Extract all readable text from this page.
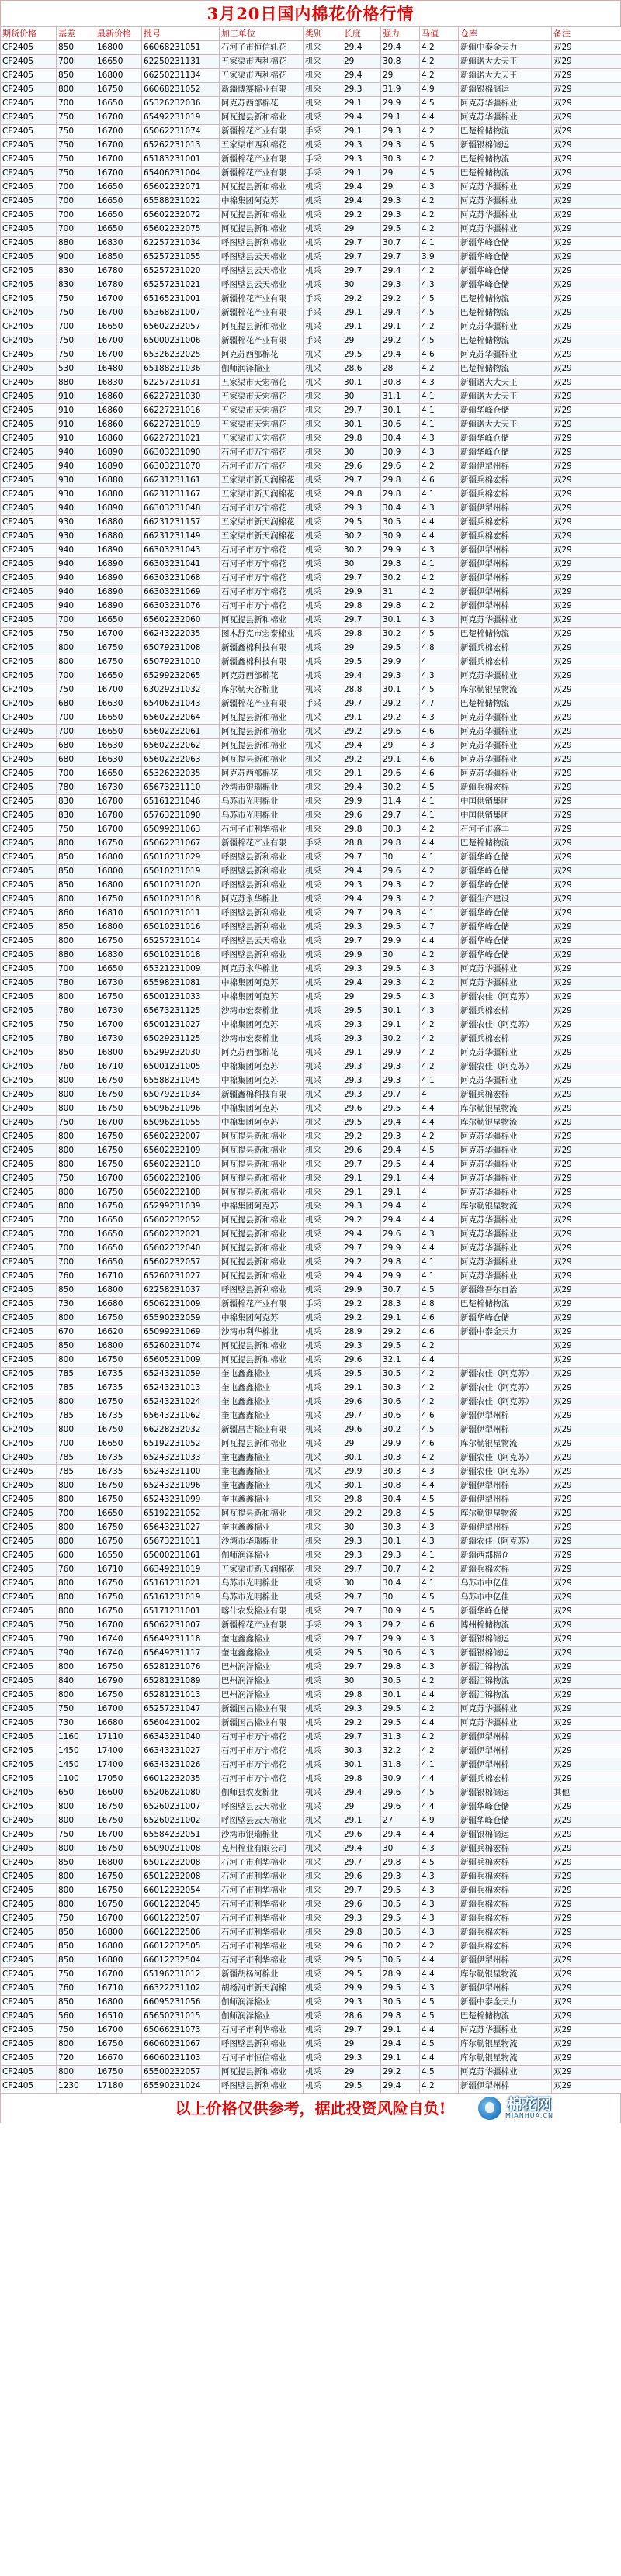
3月20日国内棉花价格行情
期货价格	基差	最新价格	批号	加工单位	类别	长度	强力	马值	仓库	备注
CF2405	850	16800	66068231051	石河子市恒信轧花	机采	29.4	29.4	4.2	新疆中泰金天力	双29
CF2405	700	16650	62250231131	五家渠市西利棉花	机采	29	30.8	4.2	新疆诺大大天王	双29
CF2405	850	16800	66250231134	五家渠市西利棉花	机采	29.4	29	4.2	新疆诺大大天王	双29
CF2405	800	16750	66068231052	新疆博赛棉业有限	机采	29.3	31.9	4.9	新疆银棉储运	双29
CF2405	700	16650	65326232036	阿克苏西部棉花	机采	29.1	29.9	4.5	阿克苏华疆棉业	双29
CF2405	750	16700	65492231019	阿瓦提县新和棉业	机采	29.4	29.1	4.4	阿克苏华疆棉业	双29
CF2405	750	16700	65062231074	新疆棉花产业有限	手采	29.1	29.3	4.2	巴楚棉储物流	双29
CF2405	750	16700	65262231013	五家渠市西利棉花	机采	29.3	29.3	4.5	新疆银棉储运	双29
CF2405	750	16700	65183231001	新疆棉花产业有限	手采	29.3	30.3	4.2	巴楚棉储物流	双29
CF2405	750	16700	65406231004	新疆棉花产业有限	手采	29.1	29	4.5	巴楚棉储物流	双29
CF2405	700	16650	65602232071	阿瓦提县新和棉业	机采	29.4	29	4.3	阿克苏华疆棉业	双29
CF2405	700	16650	65588231022	中棉集团阿克苏	机采	29.4	29.3	4.2	阿克苏华疆棉业	双29
CF2405	700	16650	65602232072	阿瓦提县新和棉业	机采	29.2	29.3	4.2	阿克苏华疆棉业	双29
CF2405	700	16650	65602232075	阿瓦提县新和棉业	机采	29	29.5	4.2	阿克苏华疆棉业	双29
CF2405	880	16830	62257231034	呼图壁县新利棉业	机采	29.7	30.7	4.1	新疆华峰仓储	双29
CF2405	900	16850	65257231055	呼图壁县云天棉业	机采	29.7	29.7	3.9	新疆华峰仓储	双29
CF2405	830	16780	65257231020	呼图壁县云天棉业	机采	29.7	29.4	4.2	新疆华峰仓储	双29
CF2405	830	16780	65257231021	呼图壁县云天棉业	机采	30	29.3	4.3	新疆华峰仓储	双29
CF2405	750	16700	65165231001	新疆棉花产业有限	手采	29.2	29.2	4.5	巴楚棉储物流	双29
CF2405	750	16700	65368231007	新疆棉花产业有限	手采	29.1	29.4	4.5	巴楚棉储物流	双29
CF2405	700	16650	65602232057	阿瓦提县新和棉业	机采	29.1	29.1	4.2	阿克苏华疆棉业	双29
CF2405	750	16700	65000231006	新疆棉花产业有限	手采	29	29.2	4.5	巴楚棉储物流	双29
CF2405	750	16700	65326232025	阿克苏西部棉花	机采	29.5	29.4	4.6	阿克苏华疆棉业	双29
CF2405	530	16480	65188231036	伽师润泽棉业	机采	28.6	28	4.2	巴楚棉储物流	双29
CF2405	880	16830	62257231031	五家渠市天宏棉花	机采	30.1	30.8	4.3	新疆诺大大天王	双29
CF2405	910	16860	66227231030	五家渠市天宏棉花	机采	30	31.1	4.1	新疆诺大大天王	双29
CF2405	910	16860	66227231016	五家渠市天宏棉花	机采	29.7	30.1	4.1	新疆华峰仓储	双29
CF2405	910	16860	66227231019	五家渠市天宏棉花	机采	30.1	30.6	4.1	新疆诺大大天王	双29
CF2405	910	16860	66227231021	五家渠市天宏棉花	机采	29.8	30.4	4.3	新疆华峰仓储	双29
CF2405	940	16890	66303231090	石河子市万宁棉花	机采	30	30.9	4.3	新疆华峰仓储	双29
CF2405	940	16890	66303231070	石河子市万宁棉花	机采	29.6	29.6	4.2	新疆伊犁州棉	双29
CF2405	930	16880	66231231161	五家渠市新天润棉花	机采	29.7	29.8	4.6	新疆兵棉宏棉	双29
CF2405	930	16880	66231231167	五家渠市新天润棉花	机采	29.8	29.8	4.1	新疆兵棉宏棉	双29
CF2405	940	16890	66303231048	石河子市万宁棉花	机采	29.3	30.4	4.3	新疆伊犁州棉	双29
CF2405	930	16880	66231231157	五家渠市新天润棉花	机采	29.5	30.5	4.4	新疆兵棉宏棉	双29
CF2405	930	16880	66231231149	五家渠市新天润棉花	机采	30.2	30.9	4.4	新疆兵棉宏棉	双29
CF2405	940	16890	66303231043	石河子市万宁棉花	机采	30.2	29.9	4.3	新疆伊犁州棉	双29
CF2405	940	16890	66303231041	石河子市万宁棉花	机采	30	29.8	4.1	新疆伊犁州棉	双29
CF2405	940	16890	66303231068	石河子市万宁棉花	机采	29.7	30.2	4.2	新疆伊犁州棉	双29
CF2405	940	16890	66303231069	石河子市万宁棉花	机采	29.9	31	4.2	新疆伊犁州棉	双29
CF2405	940	16890	66303231076	石河子市万宁棉花	机采	29.8	29.8	4.2	新疆伊犁州棉	双29
CF2405	700	16650	65602232060	阿瓦提县新和棉业	机采	29.7	30.1	4.3	阿克苏华疆棉业	双29
CF2405	750	16700	66243222035	图木舒克市宏泰棉业	机采	29.8	30.2	4.5	巴楚棉储物流	双29
CF2405	800	16750	65079231008	新疆鑫棉科技有限	机采	29	29.5	4.8	新疆兵棉宏棉	双29
CF2405	800	16750	65079231010	新疆鑫棉科技有限	机采	29.5	29.9	4	新疆兵棉宏棉	双29
CF2405	700	16650	65299232065	阿克苏西部棉花	机采	29.4	29.3	4.3	阿克苏华疆棉业	双29
CF2405	750	16700	63029231032	库尔勒天谷棉业	机采	28.8	30.1	4.5	库尔勒银星物流	双29
CF2405	680	16630	65406231043	新疆棉花产业有限	手采	29.7	29.2	4.7	巴楚棉储物流	双29
CF2405	700	16650	65602232064	阿瓦提县新和棉业	机采	29.1	29.2	4.3	阿克苏华疆棉业	双29
CF2405	700	16650	65602232061	阿瓦提县新和棉业	机采	29.2	29.6	4.6	阿克苏华疆棉业	双29
CF2405	680	16630	65602232062	阿瓦提县新和棉业	机采	29.4	29	4.3	阿克苏华疆棉业	双29
CF2405	680	16630	65602232063	阿瓦提县新和棉业	机采	29.2	29.1	4.6	阿克苏华疆棉业	双29
CF2405	700	16650	65326232035	阿克苏西部棉花	机采	29.1	29.6	4.6	阿克苏华疆棉业	双29
CF2405	780	16730	65673231110	沙湾市银瑞棉业	机采	29.4	30.2	4.5	新疆兵棉宏棉	双29
CF2405	830	16780	65161231046	乌苏市光明棉业	机采	29.9	31.4	4.1	中国供销集团	双29
CF2405	830	16780	65763231090	乌苏市光明棉业	机采	29.6	29.7	4.1	中国供销集团	双29
CF2405	750	16700	65099231063	石河子市利华棉业	机采	29.8	30.3	4.2	石河子市盛丰	双29
CF2405	800	16750	65062231067	新疆棉花产业有限	手采	28.8	29.8	4.4	巴楚棉储物流	双29
CF2405	850	16800	65010231029	呼图壁县新利棉业	机采	29.7	30	4.1	新疆华峰仓储	双29
CF2405	850	16800	65010231019	呼图壁县新利棉业	机采	29.4	29.6	4.2	新疆华峰仓储	双29
CF2405	850	16800	65010231020	呼图壁县新利棉业	机采	29.3	29.3	4.2	新疆华峰仓储	双29
CF2405	800	16750	65010231018	阿克苏永华棉业	机采	29.4	29.3	4.2	新疆生产建设	双29
CF2405	860	16810	65010231011	呼图壁县新利棉业	机采	29.7	29.8	4.1	新疆华峰仓储	双29
CF2405	850	16800	65010231016	呼图壁县新利棉业	机采	29.3	29.5	4.7	新疆华峰仓储	双29
CF2405	800	16750	65257231014	呼图壁县云天棉业	机采	29.7	29.9	4.4	新疆华峰仓储	双29
CF2405	880	16830	65010231018	呼图壁县新利棉业	机采	29.9	30	4.2	新疆华峰仓储	双29
CF2405	700	16650	65321231009	阿克苏永华棉业	机采	29.3	29.5	4.3	阿克苏华疆棉业	双29
CF2405	780	16730	65598231081	中棉集团阿克苏	机采	29.4	29.3	4.2	阿克苏华疆棉业	双29
CF2405	800	16750	65001231033	中棉集团阿克苏	机采	29	29.5	4.3	新疆农佳（阿克苏）	双29
CF2405	780	16730	65673231125	沙湾市宏泰棉业	机采	29.5	30.1	4.3	新疆兵棉宏棉	双29
CF2405	750	16700	65001231027	中棉集团阿克苏	机采	29.3	29.1	4.2	新疆农佳（阿克苏）	双29
CF2405	780	16730	65029231125	沙湾市宏泰棉业	机采	29.3	30.2	4.2	新疆兵棉宏棉	双29
CF2405	850	16800	65299232030	阿克苏西部棉花	机采	29.1	29.9	4.2	阿克苏华疆棉业	双29
CF2405	760	16710	65001231005	中棉集团阿克苏	机采	29.3	29.3	4.2	新疆农佳（阿克苏）	双29
CF2405	800	16750	65588231045	中棉集团阿克苏	机采	29.3	29.3	4.1	阿克苏华疆棉业	双29
CF2405	800	16750	65079231034	新疆鑫棉科技有限	机采	29.3	29.7	4	新疆兵棉宏棉	双29
CF2405	800	16750	65096231096	中棉集团阿克苏	机采	29.6	29.5	4.4	库尔勒银星物流	双29
CF2405	750	16700	65096231055	中棉集团阿克苏	机采	29.5	29.4	4.4	库尔勒银星物流	双29
CF2405	800	16750	65602232007	阿瓦提县新和棉业	机采	29.2	29.3	4.2	阿克苏华疆棉业	双29
CF2405	800	16750	65602232109	阿瓦提县新和棉业	机采	29.6	29.4	4.5	阿克苏华疆棉业	双29
CF2405	800	16750	65602232110	阿瓦提县新和棉业	机采	29.7	29.5	4.4	阿克苏华疆棉业	双29
CF2405	750	16700	65602232106	阿瓦提县新和棉业	机采	29.1	29.1	4.4	阿克苏华疆棉业	双29
CF2405	800	16750	65602232108	阿瓦提县新和棉业	机采	29.1	29.1	4	阿克苏华疆棉业	双29
CF2405	800	16750	65299231039	中棉集团阿克苏	机采	29.3	29.4	4	库尔勒银星物流	双29
CF2405	700	16650	65602232052	阿瓦提县新和棉业	机采	29.2	29.4	4.4	阿克苏华疆棉业	双29
CF2405	700	16650	65602232021	阿瓦提县新和棉业	机采	29.4	29.6	4.3	阿克苏华疆棉业	双29
CF2405	700	16650	65602232040	阿瓦提县新和棉业	机采	29.7	29.9	4.4	阿克苏华疆棉业	双29
CF2405	700	16650	65602232057	阿瓦提县新和棉业	机采	29.2	29.8	4.1	阿克苏华疆棉业	双29
CF2405	760	16710	65260231027	阿瓦提县新和棉业	机采	29.4	29.9	4.1	阿克苏华疆棉业	双29
CF2405	850	16800	62258231037	呼图壁县新利棉业	机采	29.9	30.7	4.5	新疆维吾尔自治	双29
CF2405	730	16680	65062231009	新疆棉花产业有限	手采	29.2	28.3	4.8	巴楚棉储物流	双29
CF2405	800	16750	65590232059	中棉集团阿克苏	机采	29.2	29.1	4.6	新疆华峰仓储	双29
CF2405	670	16620	65099231069	沙湾市利华棉业	机采	28.9	29.2	4.6	新疆中泰金天力	双29
CF2405	850	16800	65260231074	阿瓦提县新和棉业	机采	29.3	29.5	4.2		双29
CF2405	800	16750	65605231009	阿瓦提县新和棉业	机采	29.6	32.1	4.4		双29
CF2405	785	16735	65243231059	奎屯鑫鑫棉业	机采	29.5	30.5	4.2	新疆农佳（阿克苏）	双29
CF2405	785	16735	65243231013	奎屯鑫鑫棉业	机采	29.1	30.3	4.2	新疆农佳（阿克苏）	双29
CF2405	800	16750	65243231024	奎屯鑫鑫棉业	机采	29.6	30.6	4.2	新疆农佳（阿克苏）	双29
CF2405	785	16735	65643231062	奎屯鑫鑫棉业	机采	29.7	30.6	4.6	新疆伊犁州棉	双29
CF2405	800	16750	66228232032	新疆昌吉棉业有限	机采	29.6	30.2	4.5	新疆伊犁州棉	双29
CF2405	700	16650	65192231052	阿瓦提县新和棉业	机采	29	29.9	4.6	库尔勒银星物流	双29
CF2405	785	16735	65243231033	奎屯鑫鑫棉业	机采	30.1	30.3	4.2	新疆农佳（阿克苏）	双29
CF2405	785	16735	65243231100	奎屯鑫鑫棉业	机采	29.9	30.3	4.3	新疆农佳（阿克苏）	双29
CF2405	800	16750	65243231096	奎屯鑫鑫棉业	机采	30.1	30.8	4.4	新疆伊犁州棉	双29
CF2405	800	16750	65243231099	奎屯鑫鑫棉业	机采	29.8	30.4	4.5	新疆伊犁州棉	双29
CF2405	700	16650	65192231052	阿瓦提县新和棉业	机采	29.2	29.8	4.5	库尔勒银星物流	双29
CF2405	800	16750	65643231027	奎屯鑫鑫棉业	机采	30	30.3	4.3	新疆伊犁州棉	双29
CF2405	800	16750	65673231011	沙湾市华瑞棉业	机采	29.3	30.1	4.3	新疆农佳（阿克苏）	双29
CF2405	600	16550	65000231061	伽师润泽棉业	机采	29.3	29.3	4.1	新疆西部棉仓	双29
CF2405	760	16710	66349231019	五家渠市新天润棉花	机采	29.7	30.7	4.2	新疆兵棉宏棉	双29
CF2405	800	16750	65161231021	乌苏市光明棉业	机采	30	30.4	4.1	乌苏市中亿佳	双29
CF2405	800	16750	65161231019	乌苏市光明棉业	机采	29.7	30	4.5	乌苏市中亿佳	双29
CF2405	800	16750	65171231001	喀什农发棉业有限	机采	29.7	30.9	4.5	新疆华峰仓储	双29
CF2405	750	16700	65062231007	新疆棉花产业有限	手采	29.3	29.2	4.6	博州棉储物流	双29
CF2405	790	16740	65649231118	奎屯鑫鑫棉业	机采	29.7	29.9	4.3	新疆银棉储运	双29
CF2405	790	16740	65649231117	奎屯鑫鑫棉业	机采	29.5	30.6	4.3	新疆银棉储运	双29
CF2405	800	16750	65281231076	巴州润泽棉业	机采	29.7	29.8	4.3	新疆汇锦物流	双29
CF2405	840	16790	65281231089	巴州润泽棉业	机采	30	30.5	4.2	新疆汇锦物流	双29
CF2405	800	16750	65281231013	巴州润泽棉业	机采	29.8	30.1	4.4	新疆汇锦物流	双29
CF2405	750	16700	65257231047	新疆国昌棉业有限	机采	29.3	29.5	4.2	阿克苏华疆棉业	双29
CF2405	730	16680	65604231002	新疆国昌棉业有限	机采	29.2	29.5	4.4	阿克苏华疆棉业	双29
CF2405	1160	17110	66343231040	石河子市万宁棉花	机采	29.7	31.3	4.2	新疆伊犁州棉	双29
CF2405	1450	17400	66343231027	石河子市万宁棉花	机采	30.3	32.2	4.2	新疆伊犁州棉	双29
CF2405	1450	17400	66343231026	石河子市万宁棉花	机采	30.1	31.8	4.1	新疆伊犁州棉	双29
CF2405	1100	17050	66012232035	石河子市万宁棉花	机采	29.8	30.9	4.4	新疆兵棉宏棉	双29
CF2405	650	16600	65206221080	伽师县农发棉业	机采	29.4	29.6	4.5	新疆银棉储运	其他
CF2405	800	16750	65260231007	呼图壁县云天棉业	机采	29	29.6	4.4	新疆华峰仓储	双29
CF2405	800	16750	65260231002	呼图壁县云天棉业	机采	29.1	27	4.9	新疆华峰仓储	双29
CF2405	750	16700	65584232051	沙湾市银瑞棉业	机采	29.6	29.4	4.4	新疆银棉储运	双29
CF2405	800	16750	65090231008	克州棉业有限公司	机采	29.4	30	4.3	新疆兵棉宏棉	双29
CF2405	850	16800	65012232008	石河子市利华棉业	机采	29.7	29.8	4.5	新疆兵棉宏棉	双29
CF2405	800	16750	65012232008	石河子市利华棉业	机采	29.6	29.3	4.3	新疆兵棉宏棉	双29
CF2405	800	16750	66012232054	石河子市利华棉业	机采	29.7	29.5	4.3	新疆兵棉宏棉	双29
CF2405	800	16750	66012232045	石河子市利华棉业	机采	29.6	30.5	4.3	新疆兵棉宏棉	双29
CF2405	750	16700	66012232507	石河子市利华棉业	机采	29.3	29.5	4.3	新疆兵棉宏棉	双29
CF2405	850	16800	66012232506	石河子市利华棉业	机采	29.8	30.5	4.3	新疆兵棉宏棉	双29
CF2405	850	16800	66012232505	石河子市利华棉业	机采	29.6	30.2	4.2	新疆兵棉宏棉	双29
CF2405	850	16800	66012232504	石河子市利华棉业	机采	29.5	30.5	4.4	新疆伊犁州棉	双29
CF2405	750	16700	65196231012	新疆胡杨河棉业	机采	29.5	28.9	4.4	库尔勒银星物流	双29
CF2405	760	16710	66322231102	胡杨河市新天润棉	机采	29.9	29.5	4.3	新疆伊犁州棉	双29
CF2405	850	16800	66095231056	伽师润泽棉业	机采	29.3	30.5	4.5	新疆中泰金天力	双29
CF2405	560	16510	65650231015	伽师润泽棉业	机采	28.6	29.8	4.5	巴楚棉储物流	双29
CF2405	750	16700	65066231073	石河子市利华棉业	机采	29.7	29.1	4.4	阿克苏华疆棉业	双29
CF2405	800	16750	66060231067	呼图壁县新利棉业	机采	29	29.4	4.5	库尔勒银星物流	双29
CF2405	720	16670	66060231103	石河子市恒信棉业	机采	29.3	29.1	4.4	库尔勒银星物流	双29
CF2405	800	16750	65500232057	阿瓦提县新和棉业	机采	29	29.2	4.5	阿克苏华疆棉业	双29
CF2405	1230	17180	65590231024	呼图壁县新利棉业	机采	29.5	29.4	4.2	新疆伊犁州棉	双29
以上价格仅供参考，据此投资风险自负!	棉花网
MIANHUA.CN
